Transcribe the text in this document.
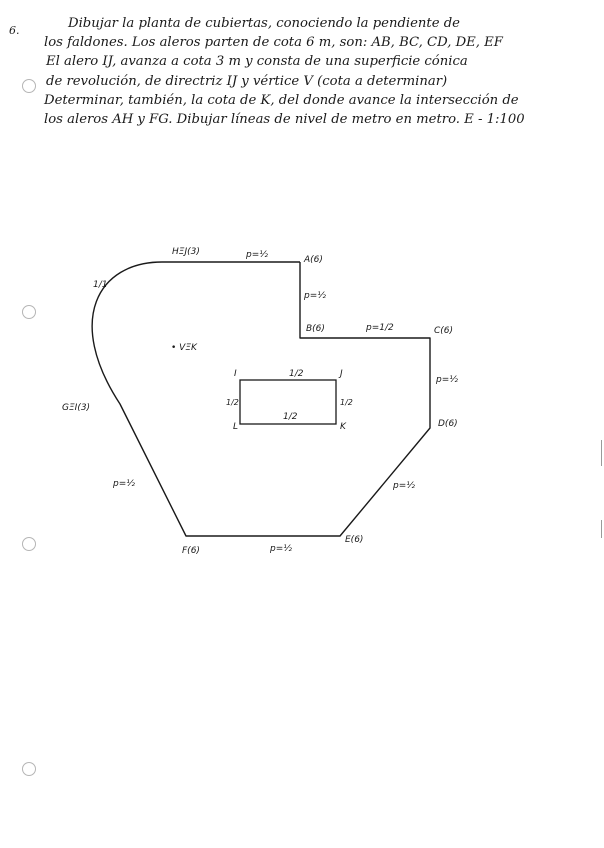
6.	Dibujar la planta de cubiertas, conociendo la pendiente de
los faldones. Los aleros parten de cota 6 m, son: AB, BC, CD, DE, EF
El alero IJ, avanza a cota 3 m y consta de una superficie cónica
de revolución, de directriz IJ y vértice V (cota a determinar)
Determinar, también, la cota de K, del donde avance la intersección de
los aleros AH y FG. Dibujar líneas de nivel de metro en metro. E - 1:100
HΞJ(3)	p=½	A(6)
1/1
p=½
B(6)	p=1/2	C(6)
• VΞK
I	1/2	J
p=½
GΞI(3)
1/2	1/2
1/2
L	K	D(6)
p=½	p=½
E(6)
F(6)	p=½
